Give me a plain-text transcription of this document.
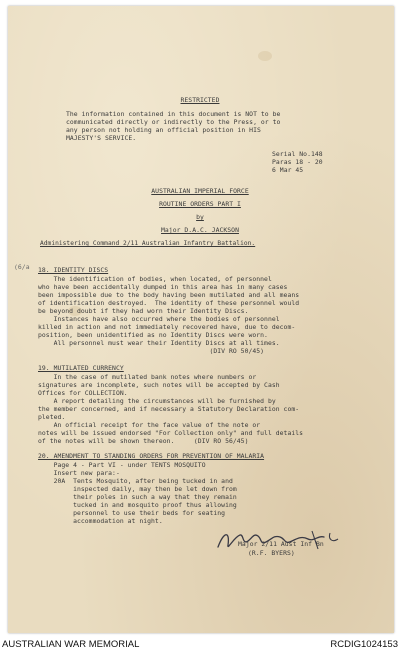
RESTRICTED
The information contained in this document is NOT to be
communicated directly or indirectly to the Press, or to
any person not holding an official position in HIS
MAJESTY'S SERVICE.
Serial No.148
Paras 18 - 20
6 Mar 45
AUSTRALIAN IMPERIAL FORCE
ROUTINE ORDERS PART I
by
Major D.A.C. JACKSON
Administering Command 2/11 Australian Infantry Battalion.
(6/a 18. IDENTITY DISCS
The identification of bodies, when located, of personnel
who have been accidentally dumped in this area has in many cases
been impossible due to the body having been mutilated and all means
of identification destroyed.  The identity of these personnel would
be beyond doubt if they had worn their Identity Discs.
Instances have also occurred where the bodies of personnel
killed in action and not immediately recovered have, due to decom-
position, been unidentified as no Identity Discs were worn.
All personnel must wear their Identity Discs at all times.
(DIV RO 50/45)
19. MUTILATED CURRENCY
In the case of mutilated bank notes where numbers or
signatures are incomplete, such notes will be accepted by Cash
Offices for COLLECTION.
A report detailing the circumstances will be furnished by
the member concerned, and if necessary a Statutory Declaration com-
pleted.
An official receipt for the face value of the note or
notes will be issued endorsed "For Collection only" and full details
of the notes will be shown thereon.     (DIV RO 56/45)
20. AMENDMENT TO STANDING ORDERS FOR PREVENTION OF MALARIA
Page 4 - Part VI - under TENTS MOSQUITO
Insert new para:-
20A  Tents Mosquito, after being tucked in and
inspected daily, may then be let down from
their poles in such a way that they remain
tucked in and mosquito proof thus allowing
personnel to use their beds for seating
accommodation at night.
Major 2/11 Aust Inf Bn
(R.F. BYERS)
AUSTRALIAN WAR MEMORIAL	RCDIG1024153
